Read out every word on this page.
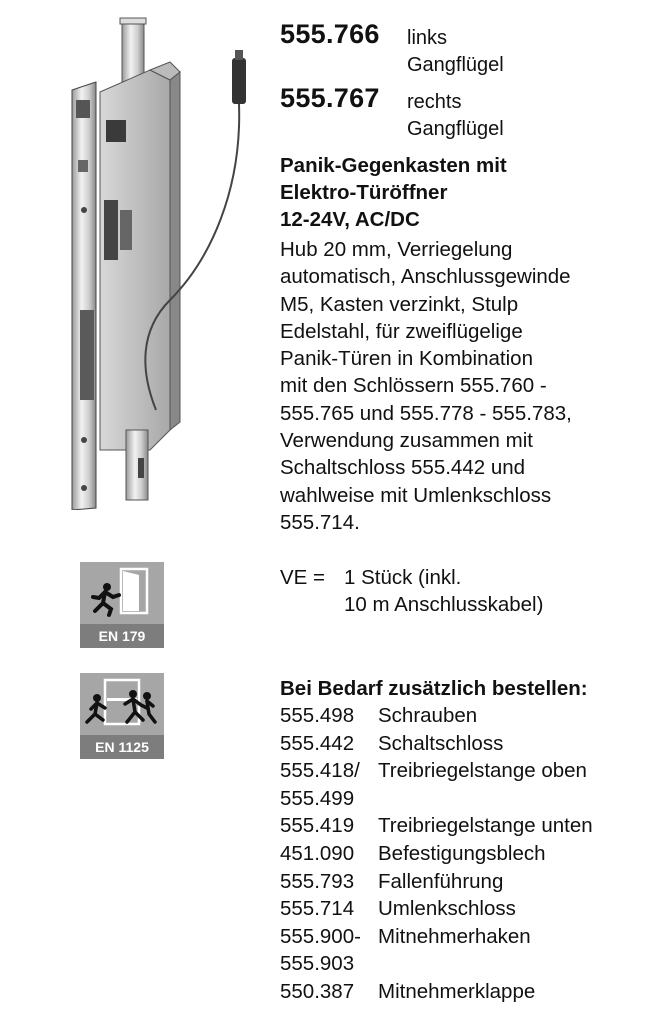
555.766 links
Gangflügel
555.767 rechts
Gangflügel
Panik-Gegenkasten mit
Elektro-Türöffner
12-24V, AC/DC
Hub 20 mm, Verriegelung
automatisch, Anschlussgewinde
M5, Kasten verzinkt, Stulp
Edelstahl, für zweiflügelige
Panik-Türen in Kombination
mit den Schlössern 555.760 -
555.765 und 555.778 - 555.783,
Verwendung zusammen mit
Schaltschloss 555.442 und
wahlweise mit Umlenkschloss
555.714.
EN 179
EN 1125
VE = 1 Stück (inkl.
10 m Anschlusskabel)
Bei Bedarf zusätzlich bestellen:
555.498	Schrauben
555.442	Schaltschloss
555.418/ Treibriegelstange oben
555.499
555.419	Treibriegelstange unten
451.090	Befestigungsblech
555.793	Fallenführung
555.714	Umlenkschloss
555.900- Mitnehmerhaken
555.903
550.387	Mitnehmerklappe
